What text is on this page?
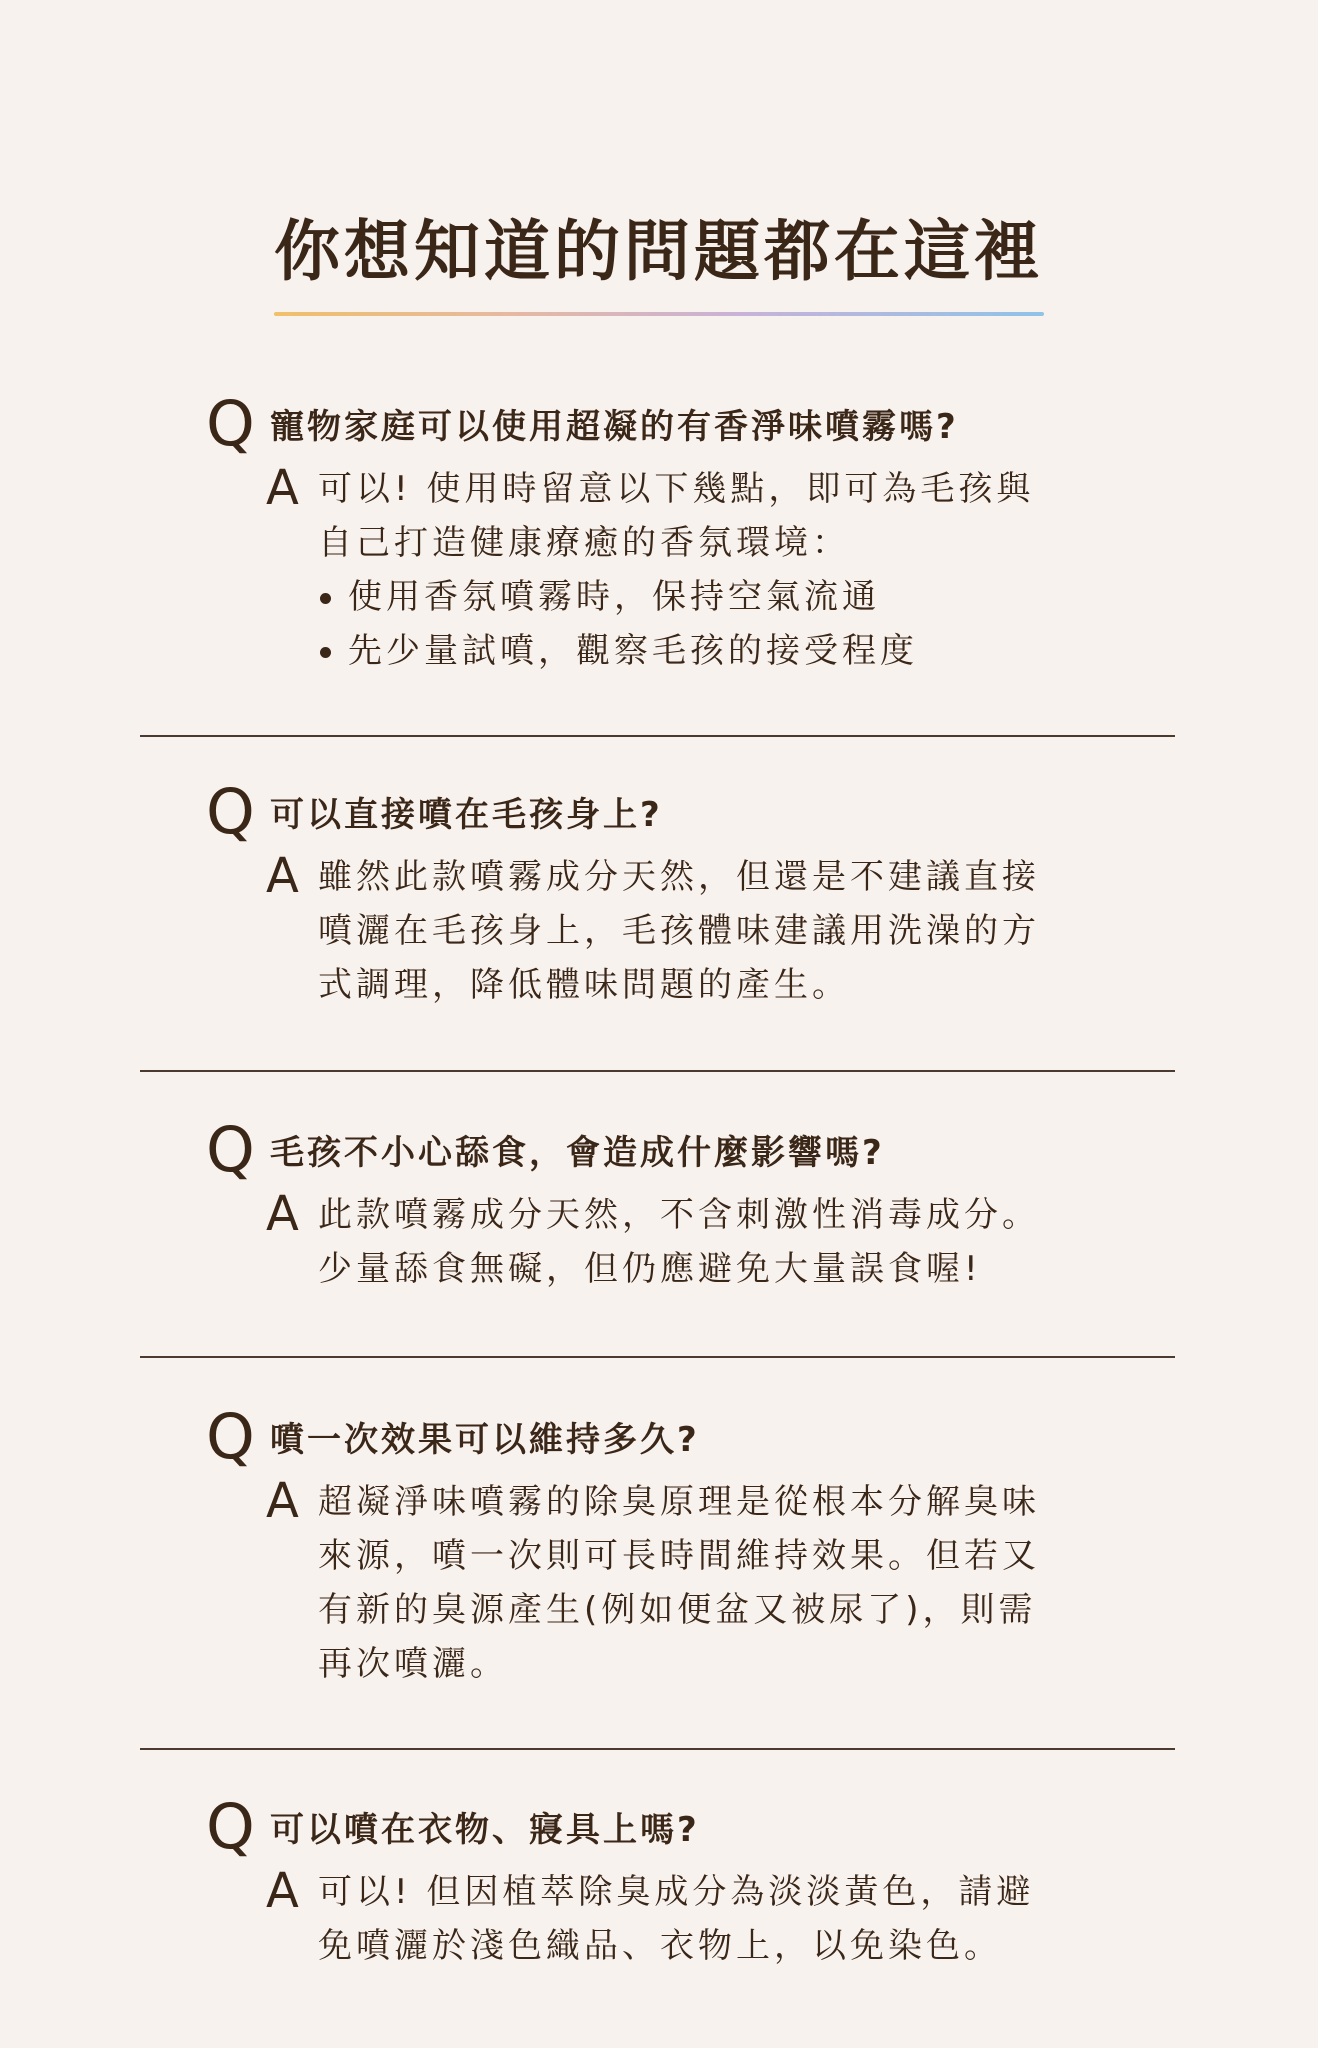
你想知道的問題都在這裡
Q 寵物家庭可以使用超凝的有香淨味噴霧嗎?
A 可以! 使用時留意以下幾點，即可為毛孩與
自己打造健康療癒的香氛環境：
使用香氛噴霧時，保持空氣流通
先少量試噴，觀察毛孩的接受程度
Q 可以直接噴在毛孩身上?
A 雖然此款噴霧成分天然，但還是不建議直接
噴灑在毛孩身上，毛孩體味建議用洗澡的方
式調理，降低體味問題的產生。
Q 毛孩不小心舔食，會造成什麼影響嗎?
A 此款噴霧成分天然，不含刺激性消毒成分。
少量舔食無礙，但仍應避免大量誤食喔!
Q 噴一次效果可以維持多久?
A 超凝淨味噴霧的除臭原理是從根本分解臭味
來源，噴一次則可長時間維持效果。但若又
有新的臭源產生(例如便盆又被尿了)，則需
再次噴灑。
Q 可以噴在衣物、寢具上嗎?
A 可以! 但因植萃除臭成分為淡淡黃色，請避
免噴灑於淺色織品、衣物上，以免染色。
